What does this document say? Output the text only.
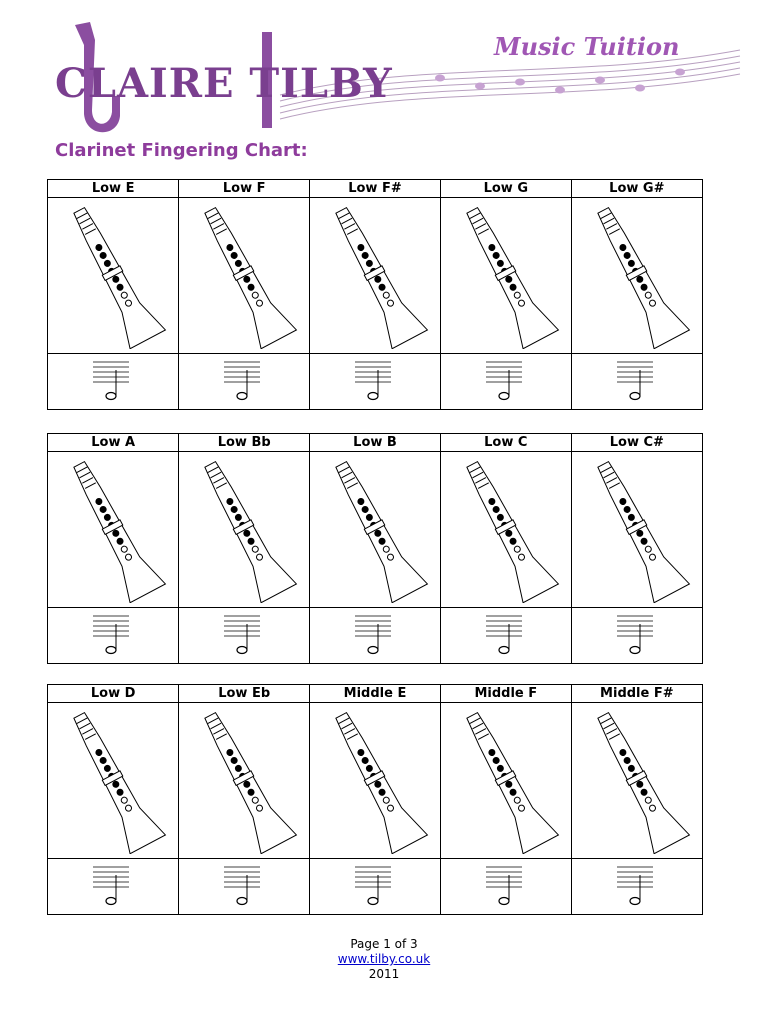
CLAIRE TILBY
Music Tuition
Clarinet Fingering Chart:
Low E	Low F	Low F#	Low G	Low G#

Low A	Low Bb	Low B	Low C	Low C#

Low D	Low Eb	Middle E	Middle F	Middle F#

Page 1 of 3
www.tilby.co.uk
2011
